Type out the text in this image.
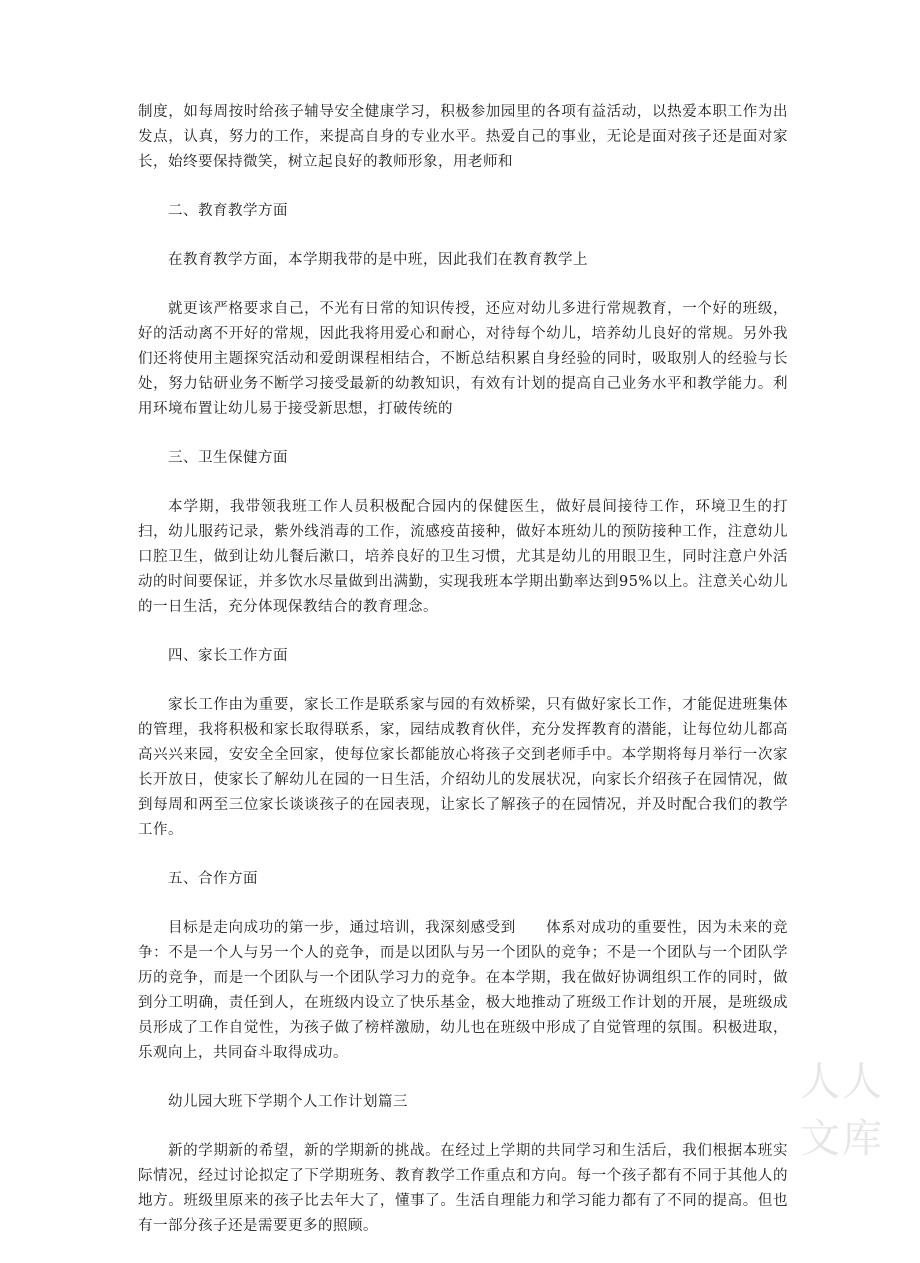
制度，如每周按时给孩子辅导安全健康学习，积极参加园里的各项有益活动，以热爱本职工作为出发点，认真，努力的工作，来提高自身的专业水平。热爱自己的事业，无论是面对孩子还是面对家长，始终要保持微笑，树立起良好的教师形象，用老师和

二、教育教学方面

在教育教学方面，本学期我带的是中班，因此我们在教育教学上

就更该严格要求自己，不光有日常的知识传授，还应对幼儿多进行常规教育，一个好的班级，好的活动离不开好的常规，因此我将用爱心和耐心，对待每个幼儿，培养幼儿良好的常规。另外我们还将使用主题探究活动和爱朗课程相结合，不断总结积累自身经验的同时，吸取别人的经验与长处，努力钻研业务不断学习接受最新的幼教知识，有效有计划的提高自己业务水平和教学能力。利用环境布置让幼儿易于接受新思想，打破传统的

三、卫生保健方面

本学期，我带领我班工作人员积极配合园内的保健医生，做好晨间接待工作，环境卫生的打扫，幼儿服药记录，紫外线消毒的工作，流感疫苗接种，做好本班幼儿的预防接种工作，注意幼儿口腔卫生，做到让幼儿餐后漱口，培养良好的卫生习惯，尤其是幼儿的用眼卫生，同时注意户外活动的时间要保证，并多饮水尽量做到出满勤，实现我班本学期出勤率达到95%以上。注意关心幼儿的一日生活，充分体现保教结合的教育理念。

四、家长工作方面

家长工作由为重要，家长工作是联系家与园的有效桥梁，只有做好家长工作，才能促进班集体的管理，我将积极和家长取得联系，家，园结成教育伙伴，充分发挥教育的潜能，让每位幼儿都高高兴兴来园，安安全全回家，使每位家长都能放心将孩子交到老师手中。本学期将每月举行一次家长开放日，使家长了解幼儿在园的一日生活，介绍幼儿的发展状况，向家长介绍孩子在园情况，做到每周和两至三位家长谈谈孩子的在园表现，让家长了解孩子的在园情况，并及时配合我们的教学工作。

五、合作方面

目标是走向成功的第一步，通过培训，我深刻感受到　　体系对成功的重要性，因为未来的竞争：不是一个人与另一个人的竞争，而是以团队与另一个团队的竞争；不是一个团队与一个团队学历的竞争，而是一个团队与一个团队学习力的竞争。在本学期，我在做好协调组织工作的同时，做到分工明确，责任到人，在班级内设立了快乐基金，极大地推动了班级工作计划的开展，是班级成员形成了工作自觉性，为孩子做了榜样激励，幼儿也在班级中形成了自觉管理的氛围。积极进取，乐观向上，共同奋斗取得成功。

幼儿园大班下学期个人工作计划篇三

新的学期新的希望，新的学期新的挑战。在经过上学期的共同学习和生活后，我们根据本班实际情况，经过讨论拟定了下学期班务、教育教学工作重点和方向。每一个孩子都有不同于其他人的地方。班级里原来的孩子比去年大了，懂事了。生活自理能力和学习能力都有了不同的提高。但也有一部分孩子还是需要更多的照顾。

人人文库
